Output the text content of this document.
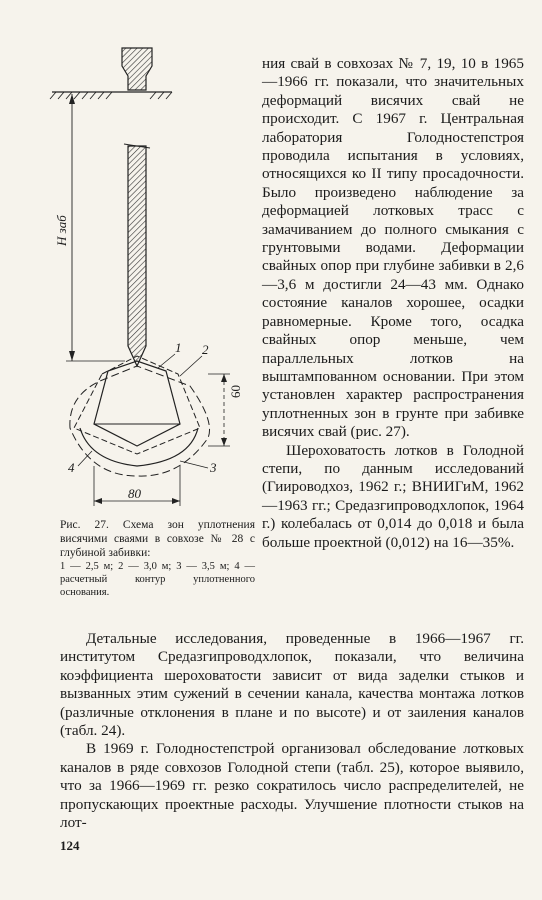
H заб
60
80
1 2
3
4

Рис. 27. Схема зон уплотнения висячими сваями в совхозе № 28 с глубиной забивки:

1 — 2,5 м; 2 — 3,0 м; 3 — 3,5 м; 4 — расчетный контур уплотненного основания.

ния свай в совхозах № 7, 19, 10 в 1965—1966 гг. показали, что значительных деформаций висячих свай не происходит. С 1967 г. Центральная лаборатория Голодностепстроя проводила испытания в условиях, относящихся ко II типу просадочности. Было произведено наблюдение за деформацией лотковых трасс с замачиванием до полного смыкания с грунтовыми водами. Деформации свайных опор при глубине забивки в 2,6—3,6 м достигли 24—43 мм. Однако состояние каналов хорошее, осадки равномерные. Кроме того, осадка свайных опор меньше, чем параллельных лотков на выштампованном основании. При этом установлен характер распространения уплотненных зон в грунте при забивке висячих свай (рис. 27).

Шероховатость лотков в Голодной степи, по данным исследований (Гиироводхоз, 1962 г.; ВНИИГиМ, 1962—1963 гг.; Средазгипроводхлопок, 1964 г.) колебалась от 0,014 до 0,018 и была больше проектной (0,012) на 16—35%.

Детальные исследования, проведенные в 1966—1967 гг. институтом Средазгипроводхлопок, показали, что величина коэффициента шероховатости зависит от вида заделки стыков и вызванных этим сужений в сечении канала, качества монтажа лотков (различные отклонения в плане и по высоте) и от заиления каналов (табл. 24).

В 1969 г. Голодностепстрой организовал обследование лотковых каналов в ряде совхозов Голодной степи (табл. 25), которое выявило, что за 1966—1969 гг. резко сократилось число распределителей, не пропускающих проектные расходы. Улучшение плотности стыков на лот-

124
